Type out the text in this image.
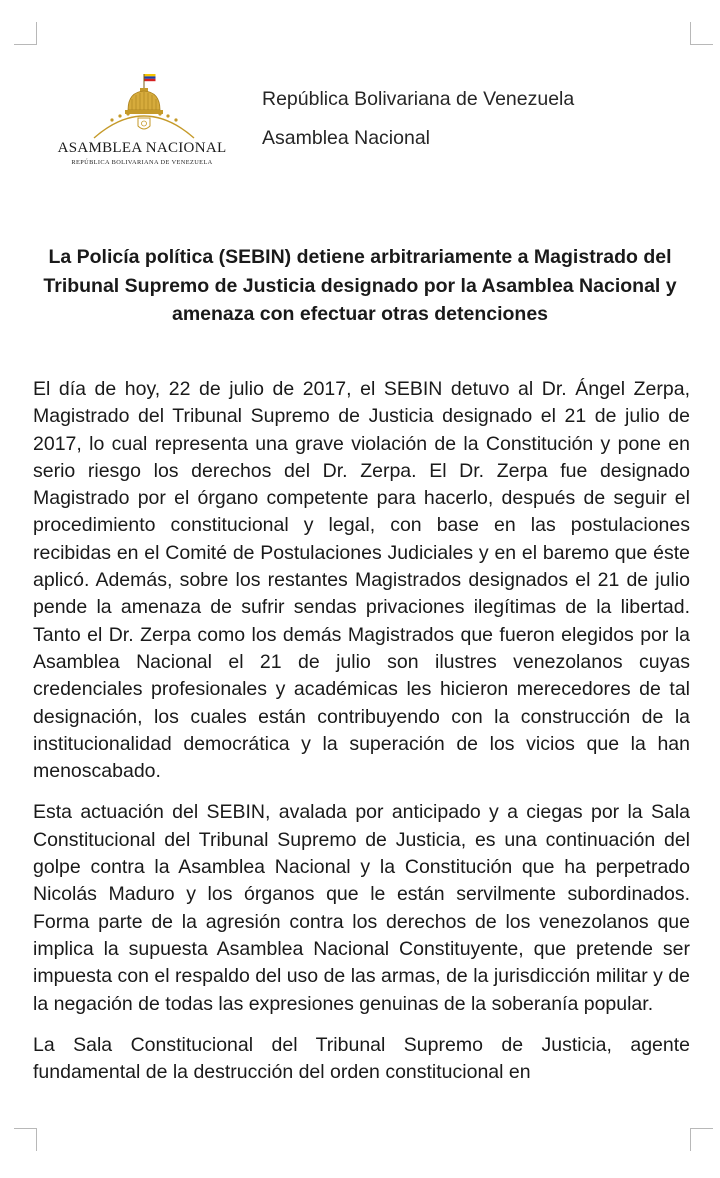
ASAMBLEA NACIONAL
REPÚBLICA BOLIVARIANA DE VENEZUELA
República Bolivariana de Venezuela
Asamblea Nacional
La Policía política (SEBIN) detiene arbitrariamente a Magistrado del Tribunal Supremo de Justicia designado por la Asamblea Nacional y amenaza con efectuar otras detenciones

El día de hoy, 22 de julio de 2017, el SEBIN detuvo al Dr. Ángel Zerpa, Magistrado del Tribunal Supremo de Justicia designado el 21 de julio de 2017, lo cual representa una grave violación de la Constitución y pone en serio riesgo los derechos del Dr. Zerpa. El Dr. Zerpa fue designado Magistrado por el órgano competente para hacerlo, después de seguir el procedimiento constitucional y legal, con base en las postulaciones recibidas en el Comité de Postulaciones Judiciales y en el baremo que éste aplicó. Además, sobre los restantes Magistrados designados el 21 de julio pende la amenaza de sufrir sendas privaciones ilegítimas de la libertad. Tanto el Dr. Zerpa como los demás Magistrados que fueron elegidos por la Asamblea Nacional el 21 de julio son ilustres venezolanos cuyas credenciales profesionales y académicas les hicieron merecedores de tal designación, los cuales están contribuyendo con la construcción de la institucionalidad democrática y la superación de los vicios que la han menoscabado.

Esta actuación del SEBIN, avalada por anticipado y a ciegas por la Sala Constitucional del Tribunal Supremo de Justicia, es una continuación del golpe contra la Asamblea Nacional y la Constitución que ha perpetrado Nicolás Maduro y los órganos que le están servilmente subordinados. Forma parte de la agresión contra los derechos de los venezolanos que implica la supuesta Asamblea Nacional Constituyente, que pretende ser impuesta con el respaldo del uso de las armas, de la jurisdicción militar y de la negación de todas las expresiones genuinas de la soberanía popular.

La Sala Constitucional del Tribunal Supremo de Justicia, agente fundamental de la destrucción del orden constitucional en
